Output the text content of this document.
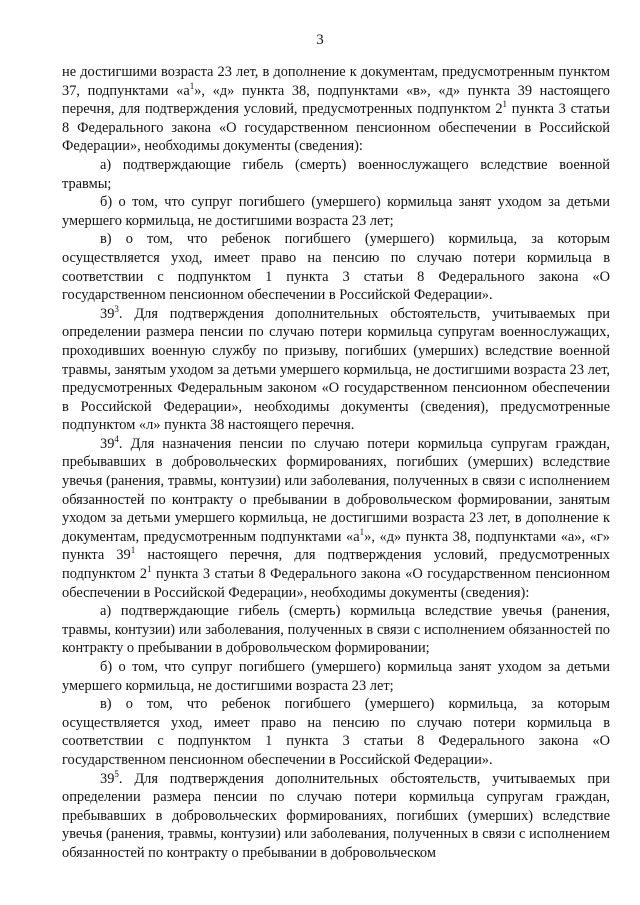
3

не достигшими возраста 23 лет, в дополнение к документам, предусмотренным пунктом 37, подпунктами «$а^1$», «д» пункта 38, подпунктами «в», «д» пункта 39 настоящего перечня, для подтверждения условий, предусмотренных подпунктом $2^1$ пункта 3 статьи 8 Федерального закона «О государственном пенсионном обеспечении в Российской Федерации», необходимы документы (сведения):

а) подтверждающие гибель (смерть) военнослужащего вследствие военной травмы;

б) о том, что супруг погибшего (умершего) кормильца занят уходом за детьми умершего кормильца, не достигшими возраста 23 лет;

в) о том, что ребенок погибшего (умершего) кормильца, за которым осуществляется уход, имеет право на пенсию по случаю потери кормильца в соответствии с подпунктом 1 пункта 3 статьи 8 Федерального закона «О государственном пенсионном обеспечении в Российской Федерации».

$39^3$. Для подтверждения дополнительных обстоятельств, учитываемых при определении размера пенсии по случаю потери кормильца супругам военнослужащих, проходивших военную службу по призыву, погибших (умерших) вследствие военной травмы, занятым уходом за детьми умершего кормильца, не достигшими возраста 23 лет, предусмотренных Федеральным законом «О государственном пенсионном обеспечении в Российской Федерации», необходимы документы (сведения), предусмотренные подпунктом «л» пункта 38 настоящего перечня.

$39^4$. Для назначения пенсии по случаю потери кормильца супругам граждан, пребывавших в добровольческих формированиях, погибших (умерших) вследствие увечья (ранения, травмы, контузии) или заболевания, полученных в связи с исполнением обязанностей по контракту о пребывании в добровольческом формировании, занятым уходом за детьми умершего кормильца, не достигшими возраста 23 лет, в дополнение к документам, предусмотренным подпунктами «$а^1$», «д» пункта 38, подпунктами «а», «г» пункта $39^1$ настоящего перечня, для подтверждения условий, предусмотренных подпунктом $2^1$ пункта 3 статьи 8 Федерального закона «О государственном пенсионном обеспечении в Российской Федерации», необходимы документы (сведения):

а) подтверждающие гибель (смерть) кормильца вследствие увечья (ранения, травмы, контузии) или заболевания, полученных в связи с исполнением обязанностей по контракту о пребывании в добровольческом формировании;

б) о том, что супруг погибшего (умершего) кормильца занят уходом за детьми умершего кормильца, не достигшими возраста 23 лет;

в) о том, что ребенок погибшего (умершего) кормильца, за которым осуществляется уход, имеет право на пенсию по случаю потери кормильца в соответствии с подпунктом 1 пункта 3 статьи 8 Федерального закона «О государственном пенсионном обеспечении в Российской Федерации».

$39^5$. Для подтверждения дополнительных обстоятельств, учитываемых при определении размера пенсии по случаю потери кормильца супругам граждан, пребывавших в добровольческих формированиях, погибших (умерших) вследствие увечья (ранения, травмы, контузии) или заболевания, полученных в связи с исполнением обязанностей по контракту о пребывании в добровольческом
